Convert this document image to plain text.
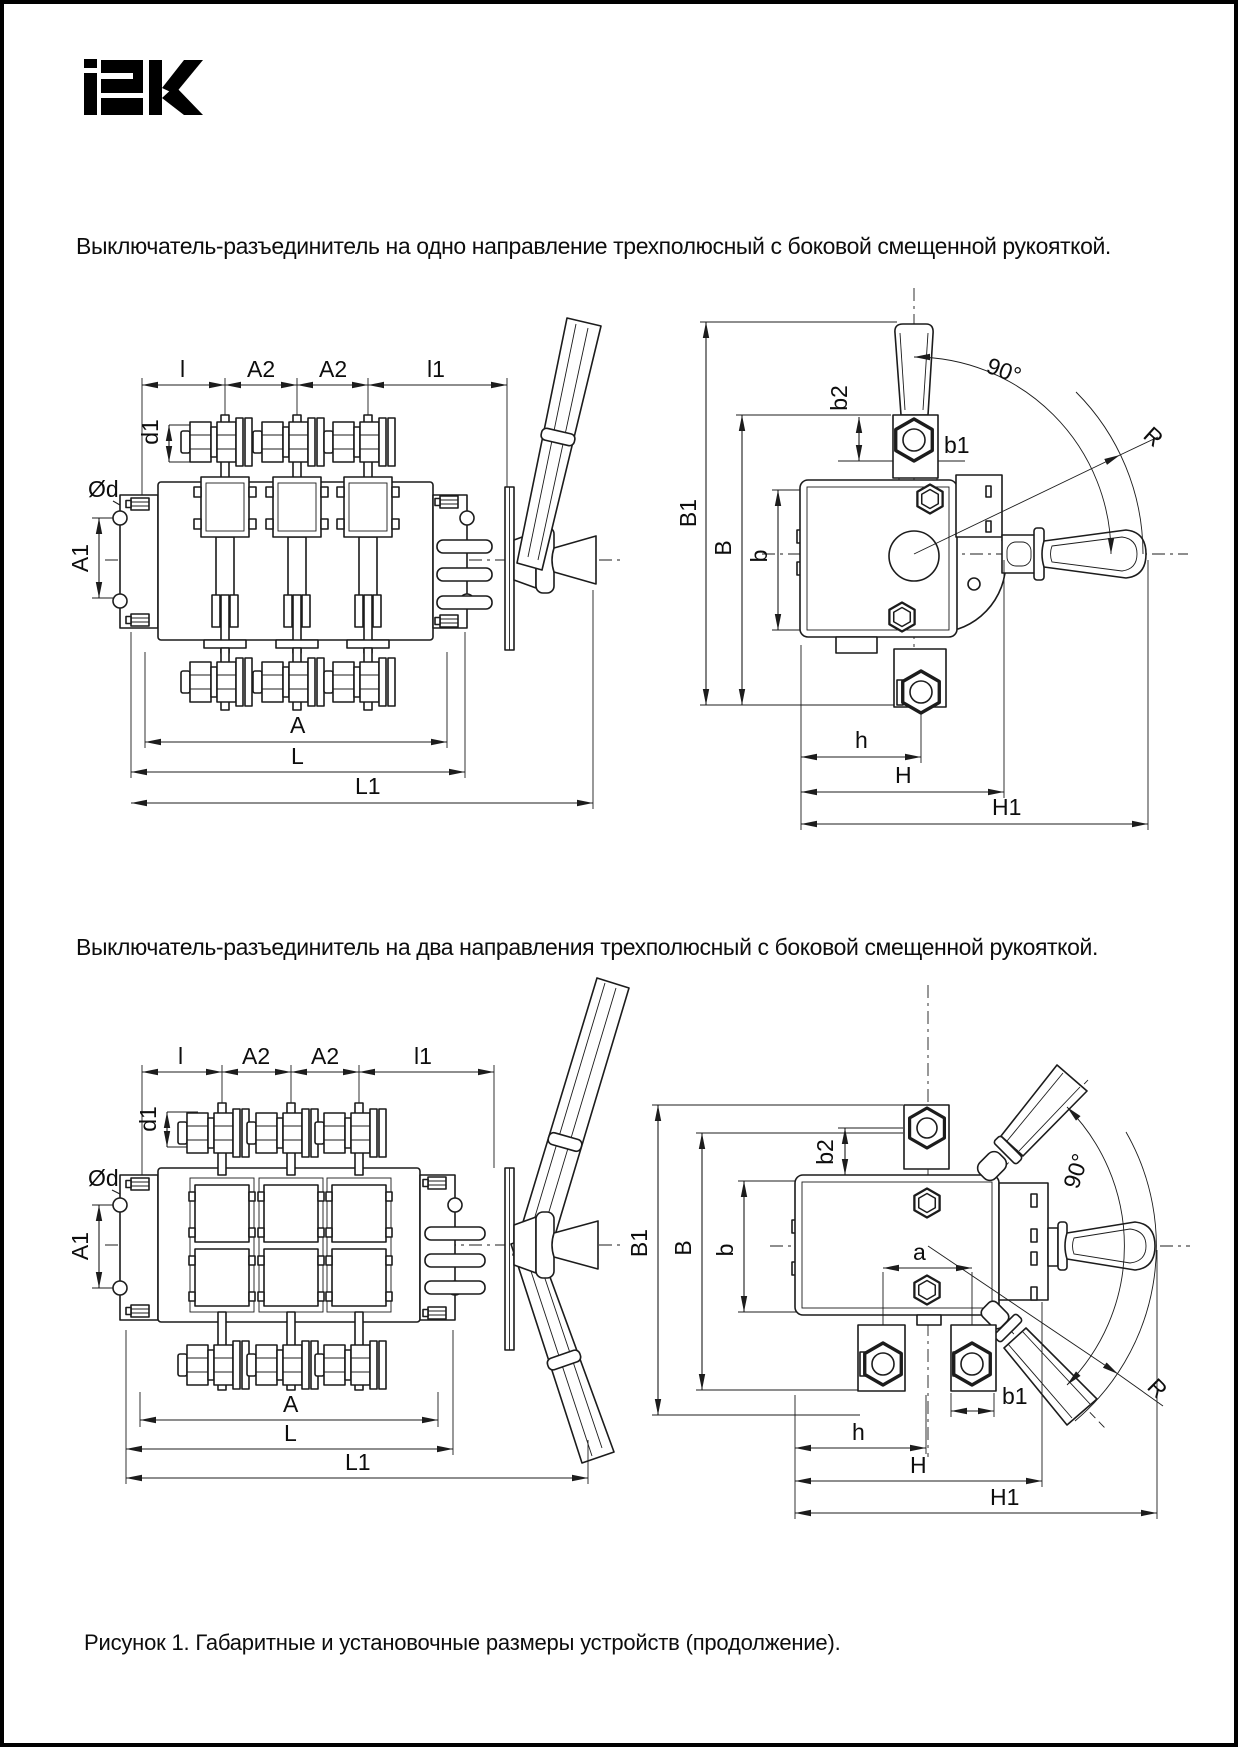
Выключатель-разъединитель на одно направление трехполюсный с боковой смещенной рукояткой.
Выключатель-разъединитель на два направления трехполюсный с боковой смещенной рукояткой.
Рисунок 1. Габаритные и установочные размеры устройств (продолжение).
l	A2 A2	l1
d1
Ød
A1
A
L
L1
B1
B
b
b2
b1
90°
R
h
H
H1
l	A2 A2	l1
d1
Ød
A1
A
L
L1
B1 B b
b2
a
90°
R
b1
h
H
H1
